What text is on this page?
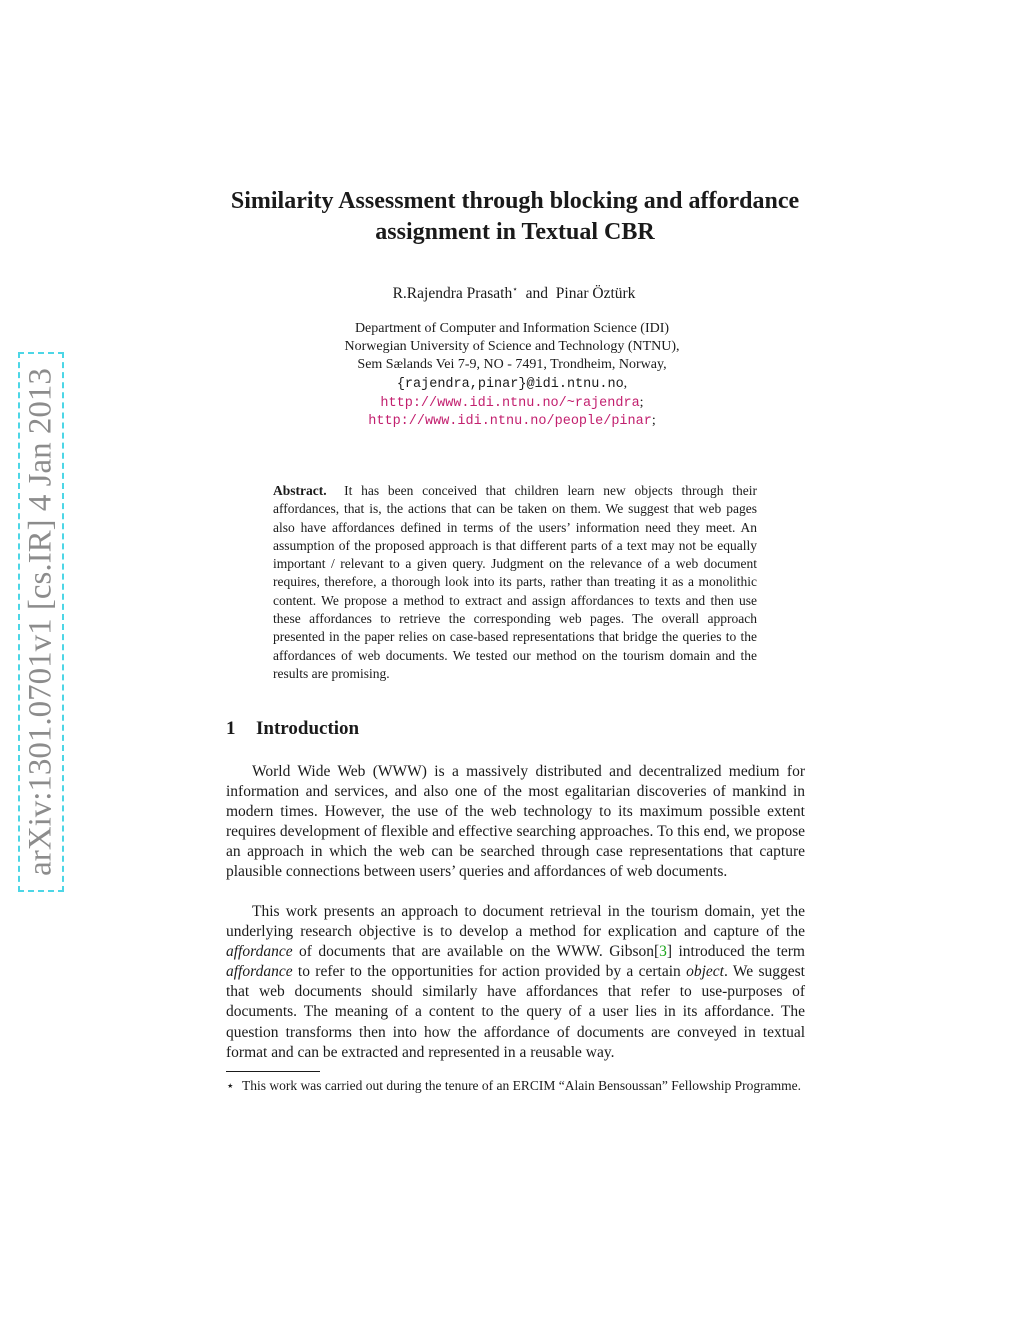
arXiv:1301.0701v1 [cs.IR] 4 Jan 2013
Similarity Assessment through blocking and affordance assignment in Textual CBR
R.Rajendra Prasath⋆ and Pinar Öztürk
Department of Computer and Information Science (IDI)
Norwegian University of Science and Technology (NTNU),
Sem Sælands Vei 7-9, NO - 7491, Trondheim, Norway,
{rajendra,pinar}@idi.ntnu.no,
http://www.idi.ntnu.no/~rajendra;
http://www.idi.ntnu.no/people/pinar;

Abstract. It has been conceived that children learn new objects through their affordances, that is, the actions that can be taken on them. We suggest that web pages also have affordances defined in terms of the users’ information need they meet. An assumption of the proposed approach is that different parts of a text may not be equally important / relevant to a given query. Judgment on the relevance of a web document requires, therefore, a thorough look into its parts, rather than treating it as a monolithic content. We propose a method to extract and assign affordances to texts and then use these affordances to retrieve the corresponding web pages. The overall approach presented in the paper relies on case-based representations that bridge the queries to the affordances of web documents. We tested our method on the tourism domain and the results are promising.

1 Introduction

World Wide Web (WWW) is a massively distributed and decentralized medium for information and services, and also one of the most egalitarian discoveries of mankind in modern times. However, the use of the web technology to its maximum possible extent requires development of flexible and effective searching approaches. To this end, we propose an approach in which the web can be searched through case representations that capture plausible connections between users’ queries and affordances of web documents.

This work presents an approach to document retrieval in the tourism domain, yet the underlying research objective is to develop a method for explication and capture of the affordance of documents that are available on the WWW. Gibson[3] introduced the term affordance to refer to the opportunities for action provided by a certain object. We suggest that web documents should similarly have affordances that refer to use-purposes of documents. The meaning of a content to the query of a user lies in its affordance. The question transforms then into how the affordance of documents are conveyed in textual format and can be extracted and represented in a reusable way.

⋆ This work was carried out during the tenure of an ERCIM “Alain Bensoussan” Fellowship Programme.
